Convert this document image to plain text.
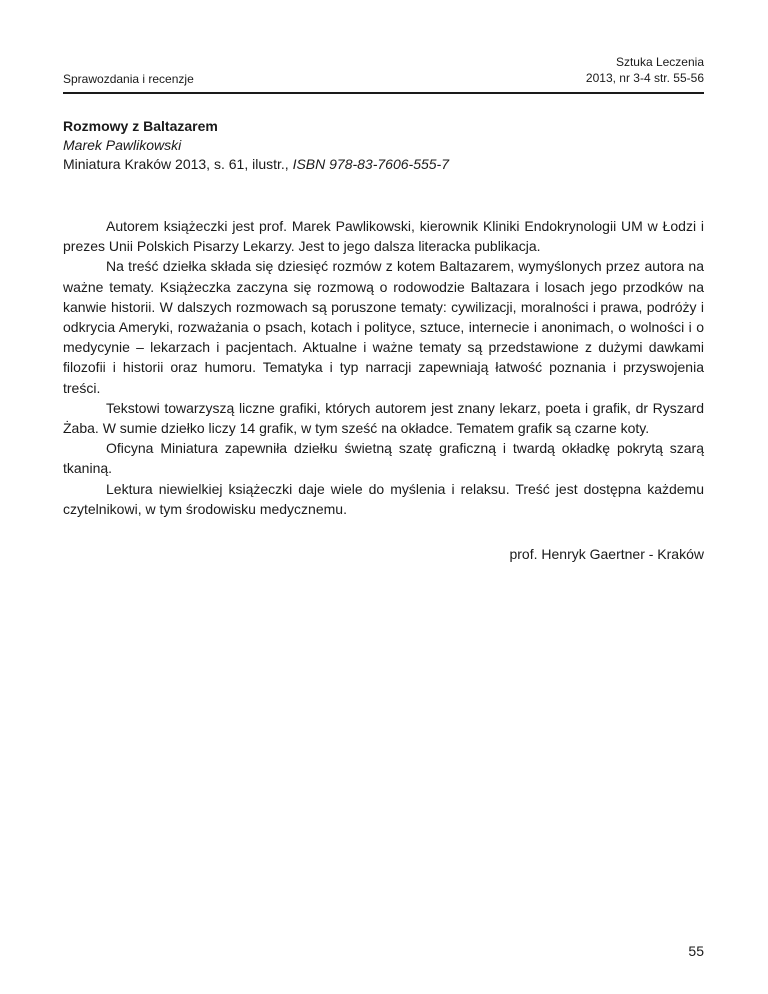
Sprawozdania i recenzje
Sztuka Leczenia
2013, nr 3-4 str. 55-56
Rozmowy z Baltazarem
Marek Pawlikowski
Miniatura Kraków 2013, s. 61, ilustr., ISBN 978-83-7606-555-7

Autorem książeczki jest prof. Marek Pawlikowski, kierownik Kliniki Endokrynologii UM w Łodzi i prezes Unii Polskich Pisarzy Lekarzy. Jest to jego dalsza literacka publikacja.

Na treść dziełka składa się dziesięć rozmów z kotem Baltazarem, wymyślonych przez autora na ważne tematy. Książeczka zaczyna się rozmową o rodowodzie Baltazara i losach jego przodków na kanwie historii. W dalszych rozmowach są poruszone tematy: cywilizacji, moralności i prawa, podróży i odkrycia Ameryki, rozważania o psach, kotach i polityce, sztuce, internecie i anonimach, o wolności i o medycynie – lekarzach i pacjentach. Aktualne i ważne tematy są przedstawione z dużymi dawkami filozofii i historii oraz humoru. Tematyka i typ narracji zapewniają łatwość poznania i przyswojenia treści.

Tekstowi towarzyszą liczne grafiki, których autorem jest znany lekarz, poeta i grafik, dr Ryszard Żaba. W sumie dziełko liczy 14 grafik, w tym sześć na okładce. Tematem grafik są czarne koty.

Oficyna Miniatura zapewniła dziełku świetną szatę graficzną i twardą okładkę pokrytą szarą tkaniną.

Lektura niewielkiej książeczki daje wiele do myślenia i relaksu. Treść jest dostępna każdemu czytelnikowi, w tym środowisku medycznemu.

prof. Henryk Gaertner - Kraków
55
